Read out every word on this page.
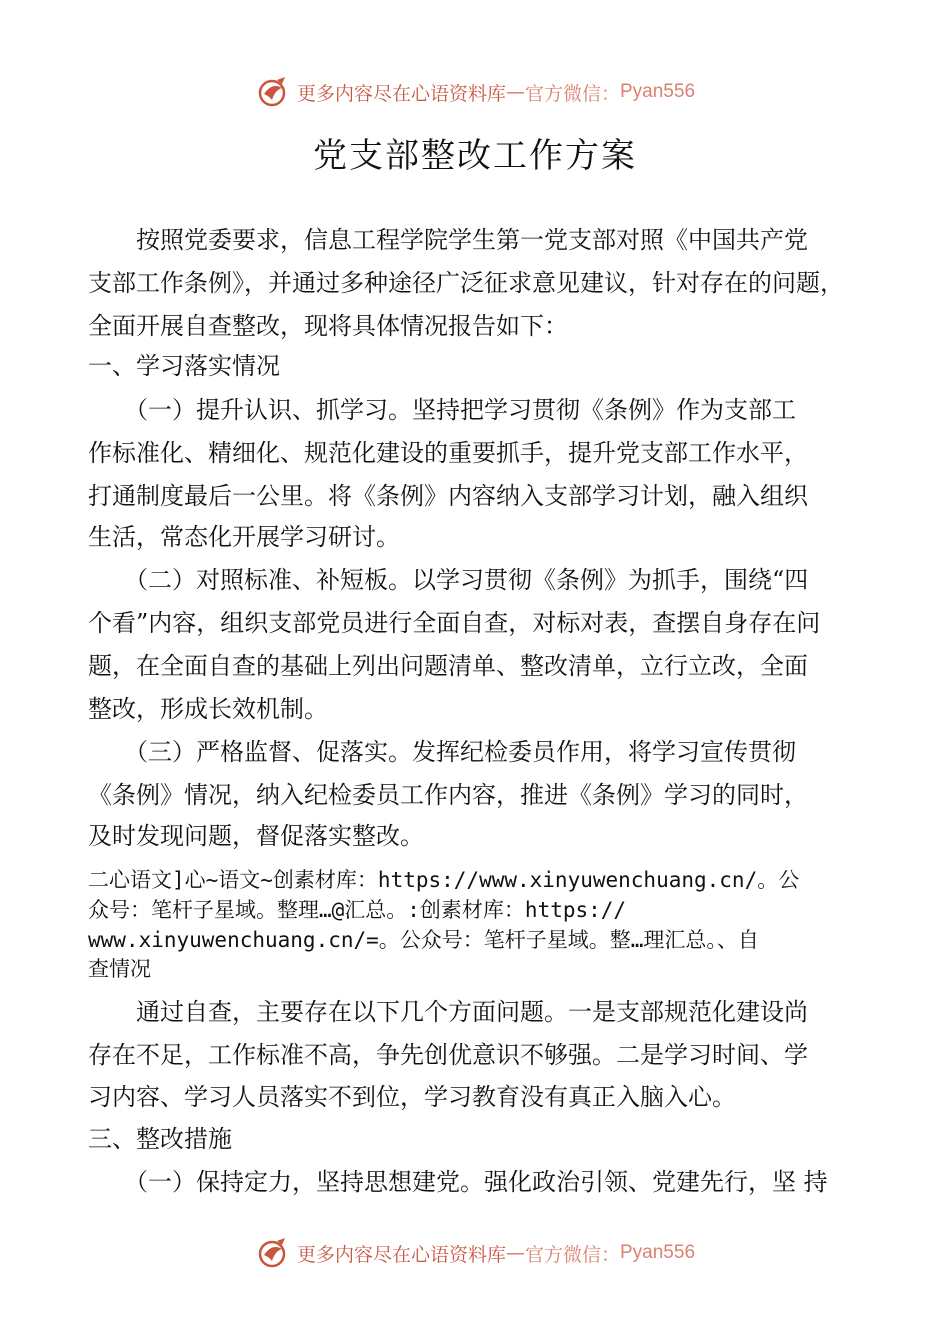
更多内容尽在心语资料库 — 官方微信： Pyan556
党支部整改工作方案
　　按照党委要求，信息工程学院学生第一党支部对照《中国共产党
支部工作条例》，并通过多种途径广泛征求意见建议，针对存在的问题，
全面开展自查整改，现将具体情况报告如下：
一、学习落实情况
　　（一）提升认识、抓学习。坚持把学习贯彻《条例》作为支部工
作标准化、精细化、规范化建设的重要抓手，提升党支部工作水平，
打通制度最后一公里。将《条例》内容纳入支部学习计划，融入组织
生活，常态化开展学习研讨。
　　（二）对照标准、补短板。以学习贯彻《条例》为抓手，围绕“四
个看”内容，组织支部党员进行全面自查，对标对表，查摆自身存在问
题，在全面自查的基础上列出问题清单、整改清单，立行立改，全面
整改，形成长效机制。
　　（三）严格监督、促落实。发挥纪检委员作用，将学习宣传贯彻
《条例》情况，纳入纪检委员工作内容，推进《条例》学习的同时，
及时发现问题，督促落实整改。
二心语文]心~语文~创素材库：https://www.xinyuwenchuang.cn/。公
众号：笔杆子星域。整理…@汇总。:创素材库：https://
www.xinyuwenchuang.cn/=。公众号：笔杆子星域。整…理汇总。、自
查情况
　　通过自查，主要存在以下几个方面问题。一是支部规范化建设尚
存在不足，工作标准不高，争先创优意识不够强。二是学习时间、学
习内容、学习人员落实不到位，学习教育没有真正入脑入心。
三、整改措施
　　（一）保持定力，坚持思想建党。强化政治引领、党建先行，坚 持
更多内容尽在心语资料库 — 官方微信： Pyan556
